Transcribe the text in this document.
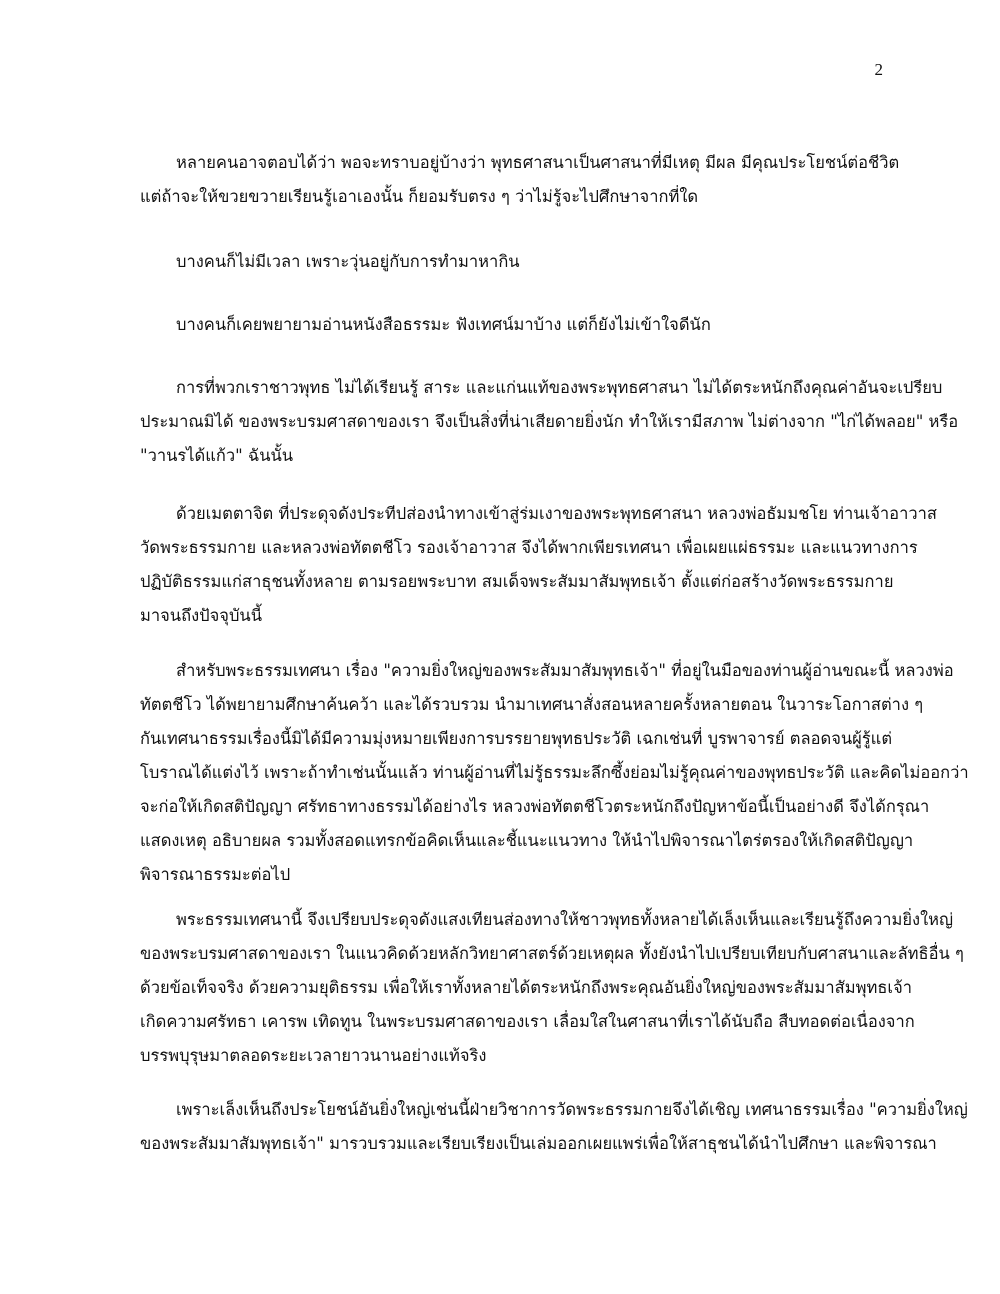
2

หลายคนอาจตอบได้ว่า พอจะทราบอยู่บ้างว่า พุทธศาสนาเป็นศาสนาที่มีเหตุ มีผล มีคุณประโยชน์ต่อชีวิต
แต่ถ้าจะให้ขวยขวายเรียนรู้เอาเองนั้น ก็ยอมรับตรง ๆ ว่าไม่รู้จะไปศึกษาจากที่ใด

บางคนก็ไม่มีเวลา เพราะวุ่นอยู่กับการทำมาหากิน

บางคนก็เคยพยายามอ่านหนังสือธรรมะ ฟังเทศน์มาบ้าง แต่ก็ยังไม่เข้าใจดีนัก

การที่พวกเราชาวพุทธ ไม่ได้เรียนรู้ สาระ และแก่นแท้ของพระพุทธศาสนา ไม่ได้ตระหนักถึงคุณค่าอันจะเปรียบ
ประมาณมิได้ ของพระบรมศาสดาของเรา จึงเป็นสิ่งที่น่าเสียดายยิ่งนัก ทำให้เรามีสภาพ ไม่ต่างจาก "ไก่ได้พลอย" หรือ
"วานรได้แก้ว" ฉันนั้น

ด้วยเมตตาจิต ที่ประดุจดังประทีปส่องนำทางเข้าสู่ร่มเงาของพระพุทธศาสนา หลวงพ่อธัมมชโย ท่านเจ้าอาวาส
วัดพระธรรมกาย และหลวงพ่อทัตตชีโว รองเจ้าอาวาส จึงได้พากเพียรเทศนา เพื่อเผยแผ่ธรรมะ และแนวทางการ
ปฏิบัติธรรมแก่สาธุชนทั้งหลาย ตามรอยพระบาท สมเด็จพระสัมมาสัมพุทธเจ้า ตั้งแต่ก่อสร้างวัดพระธรรมกาย
มาจนถึงปัจจุบันนี้

สำหรับพระธรรมเทศนา เรื่อง "ความยิ่งใหญ่ของพระสัมมาสัมพุทธเจ้า" ที่อยู่ในมือของท่านผู้อ่านขณะนี้ หลวงพ่อ
ทัตตชีโว ได้พยายามศึกษาค้นคว้า และได้รวบรวม นำมาเทศนาสั่งสอนหลายครั้งหลายตอน ในวาระโอกาสต่าง ๆ
กันเทศนาธรรมเรื่องนี้มิได้มีความมุ่งหมายเพียงการบรรยายพุทธประวัติ เฉกเช่นที่ บูรพาจารย์ ตลอดจนผู้รู้แต่
โบราณได้แต่งไว้ เพราะถ้าทำเช่นนั้นแล้ว ท่านผู้อ่านที่ไม่รู้ธรรมะลึกซึ้งย่อมไม่รู้คุณค่าของพุทธประวัติ และคิดไม่ออกว่า
จะก่อให้เกิดสติปัญญา ศรัทธาทางธรรมได้อย่างไร หลวงพ่อทัตตชีโวตระหนักถึงปัญหาข้อนี้เป็นอย่างดี จึงได้กรุณา
แสดงเหตุ อธิบายผล รวมทั้งสอดแทรกข้อคิดเห็นและชี้แนะแนวทาง ให้นำไปพิจารณาไตร่ตรองให้เกิดสติปัญญา
พิจารณาธรรมะต่อไป

พระธรรมเทศนานี้ จึงเปรียบประดุจดังแสงเทียนส่องทางให้ชาวพุทธทั้งหลายได้เล็งเห็นและเรียนรู้ถึงความยิ่งใหญ่
ของพระบรมศาสดาของเรา ในแนวคิดด้วยหลักวิทยาศาสตร์ด้วยเหตุผล ทั้งยังนำไปเปรียบเทียบกับศาสนาและลัทธิอื่น ๆ
ด้วยข้อเท็จจริง ด้วยความยุติธรรม เพื่อให้เราทั้งหลายได้ตระหนักถึงพระคุณอันยิ่งใหญ่ของพระสัมมาสัมพุทธเจ้า
เกิดความศรัทธา เคารพ เทิดทูน ในพระบรมศาสดาของเรา เลื่อมใสในศาสนาที่เราได้นับถือ สืบทอดต่อเนื่องจาก
บรรพบุรุษมาตลอดระยะเวลายาวนานอย่างแท้จริง

เพราะเล็งเห็นถึงประโยชน์อันยิ่งใหญ่เช่นนี้ฝ่ายวิชาการวัดพระธรรมกายจึงได้เชิญ เทศนาธรรมเรื่อง "ความยิ่งใหญ่
ของพระสัมมาสัมพุทธเจ้า" มารวบรวมและเรียบเรียงเป็นเล่มออกเผยแพร่เพื่อให้สาธุชนได้นำไปศึกษา และพิจารณา
